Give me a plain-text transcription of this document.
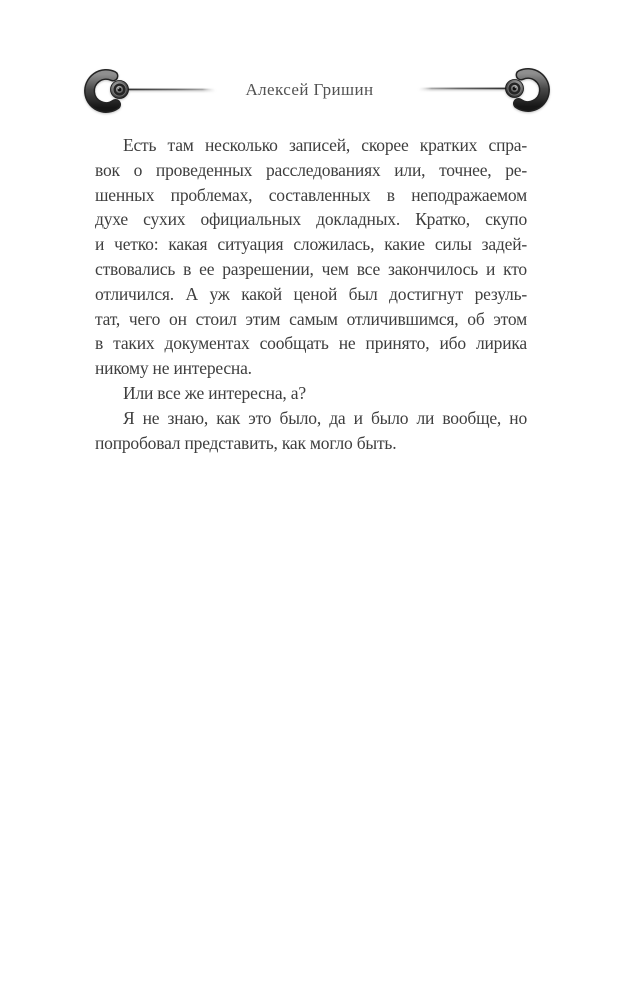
Алексей Гришин
Есть там несколько записей, скорее кратких спра-
вок о проведенных расследованиях или, точнее, ре-
шенных проблемах, составленных в неподражаемом
духе сухих официальных докладных. Кратко, скупо
и четко: какая ситуация сложилась, какие силы задей-
ствовались в ее разрешении, чем все закончилось и кто
отличился. А уж какой ценой был достигнут резуль-
тат, чего он стоил этим самым отличившимся, об этом
в таких документах сообщать не принято, ибо лирика
никому не интересна.
Или все же интересна, а?
Я не знаю, как это было, да и было ли вообще, но
попробовал представить, как могло быть.
